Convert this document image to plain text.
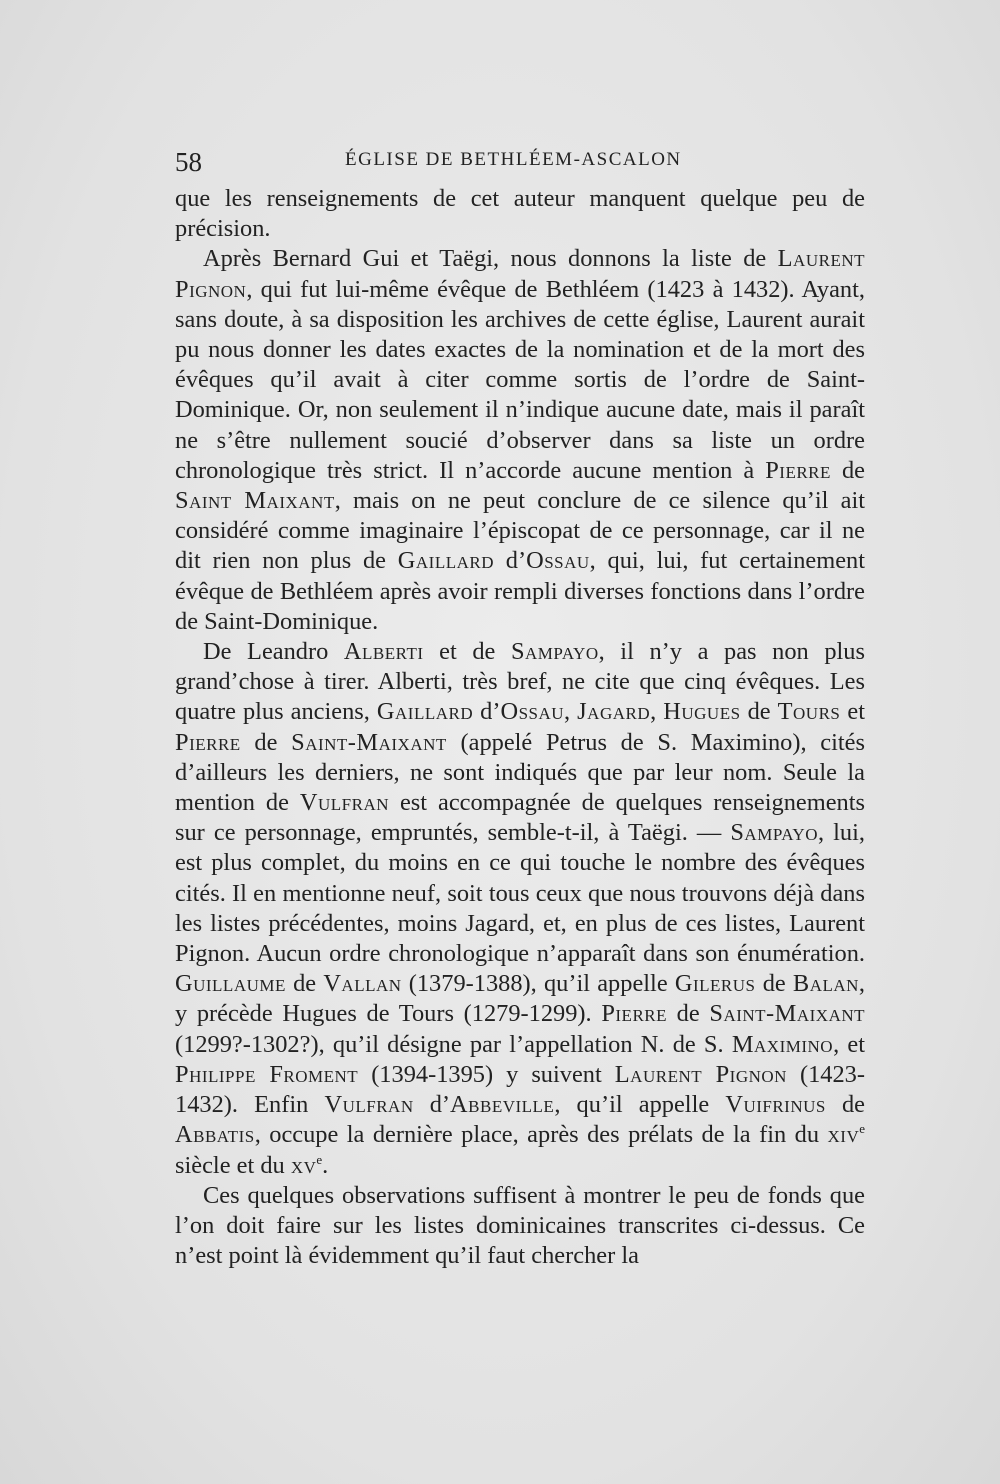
58	ÉGLISE DE BETHLÉEM-ASCALON

que les renseignements de cet auteur manquent quelque peu de précision.

Après Bernard Gui et Taëgi, nous donnons la liste de Laurent Pignon, qui fut lui-même évêque de Bethléem (1423 à 1432). Ayant, sans doute, à sa disposition les archives de cette église, Laurent aurait pu nous donner les dates exactes de la nomination et de la mort des évêques qu’il avait à citer comme sortis de l’ordre de Saint-Dominique. Or, non seulement il n’indique aucune date, mais il paraît ne s’être nullement soucié d’observer dans sa liste un ordre chronologique très strict. Il n’accorde aucune mention à Pierre de Saint Maixant, mais on ne peut conclure de ce silence qu’il ait considéré comme imaginaire l’épiscopat de ce personnage, car il ne dit rien non plus de Gaillard d’Ossau, qui, lui, fut certainement évêque de Bethléem après avoir rempli diverses fonctions dans l’ordre de Saint-Dominique.

De Leandro Alberti et de Sampayo, il n’y a pas non plus grand’chose à tirer. Alberti, très bref, ne cite que cinq évêques. Les quatre plus anciens, Gaillard d’Ossau, Jagard, Hugues de Tours et Pierre de Saint-Maixant (appelé Petrus de S. Maximino), cités d’ailleurs les derniers, ne sont indiqués que par leur nom. Seule la mention de Vulfran est accompagnée de quelques renseignements sur ce personnage, empruntés, semble-t-il, à Taëgi. — Sampayo, lui, est plus complet, du moins en ce qui touche le nombre des évêques cités. Il en mentionne neuf, soit tous ceux que nous trouvons déjà dans les listes précédentes, moins Jagard, et, en plus de ces listes, Laurent Pignon. Aucun ordre chronologique n’apparaît dans son énumération. Guillaume de Vallan (1379-1388), qu’il appelle Gilerus de Balan, y précède Hugues de Tours (1279-1299). Pierre de Saint-Maixant (1299?-1302?), qu’il désigne par l’appellation N. de S. Maximino, et Philippe Froment (1394-1395) y suivent Laurent Pignon (1423-1432). Enfin Vulfran d’Abbeville, qu’il appelle Vuifrinus de Abbatis, occupe la dernière place, après des prélats de la fin du xiv$^e$ siècle et du $xv^e$.

Ces quelques observations suffisent à montrer le peu de fonds que l’on doit faire sur les listes dominicaines transcrites ci-dessus. Ce n’est point là évidemment qu’il faut chercher la
